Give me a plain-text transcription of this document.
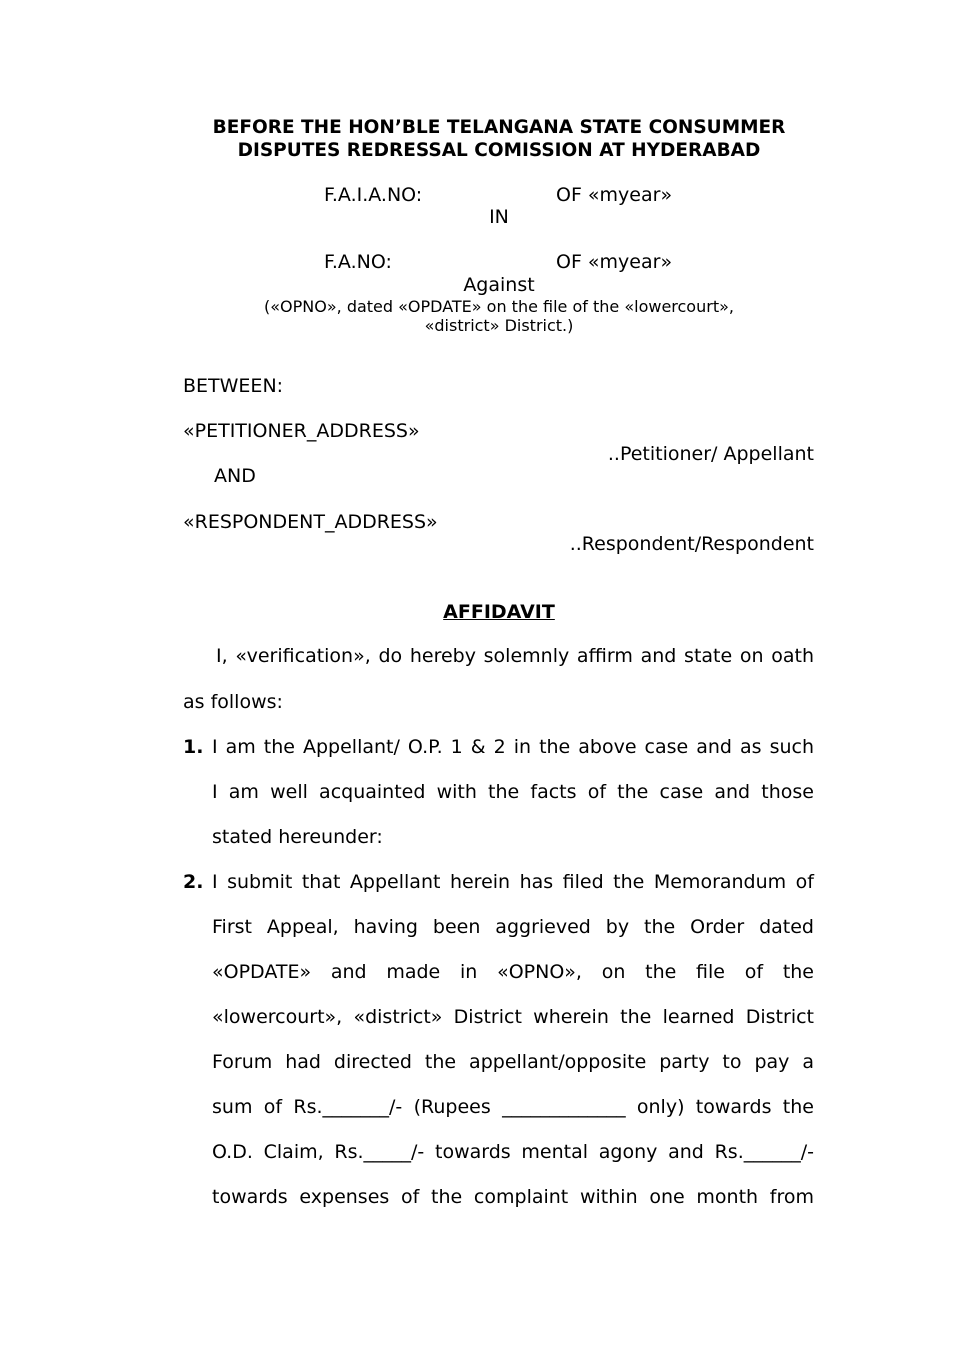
BEFORE THE HON’BLE TELANGANA STATE CONSUMMER
DISPUTES REDRESSAL COMISSION AT HYDERABAD
F.A.I.A.NO:	OF «myear»
IN
F.A.NO:	OF «myear»
Against
(«OPNO», dated «OPDATE» on the file of the «lowercourt»,
«district» District.)
BETWEEN:
«PETITIONER_ADDRESS»
..Petitioner/ Appellant
AND
«RESPONDENT_ADDRESS»
..Respondent/Respondent
AFFIDAVIT
I, «verification», do hereby solemnly affirm and state on oath
as follows:
1. I am the Appellant/ O.P. 1 & 2 in the above case and as such
I am well acquainted with the facts of the case and those
stated hereunder:
2. I submit that Appellant herein has filed the Memorandum of
First Appeal, having been aggrieved by the Order dated
«OPDATE» and made in «OPNO», on the file of the
«lowercourt», «district» District wherein the learned District
Forum had directed the appellant/opposite party to pay a
sum of Rs._______/- (Rupees _____________ only) towards the
O.D. Claim, Rs._____/- towards mental agony and Rs.______/-
towards expenses of the complaint within one month from
